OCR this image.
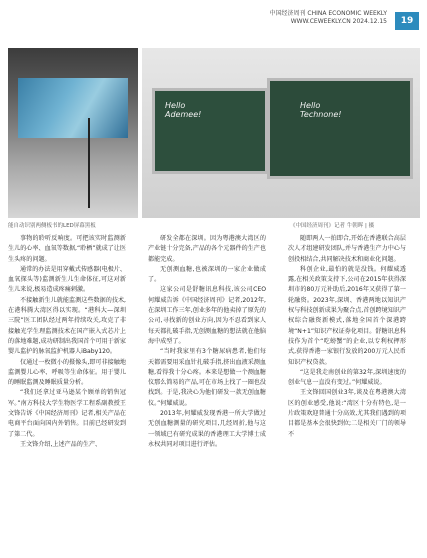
中国经济周刊 CHINA ECONOMIC WEEKLY
WWW.CEWEEKLY.CN 2024.12.15	19
Hello
Ademee!
Hello
Technone!
能自动识别两侧板书的LED屏幕黑板	《中国经济周刊》记者 牛朝晖 | 摄

事物的聆听反响度。可把该实时监测新生儿的心率、血氧等数据,“聆栖”就成了让医生头疼的问题。

通常的办法是用穿戴式传感器(电极片、血氧探头等)监测新生儿生命体征,可这对新生儿来说,极易造成疼痛刺激。

不接触新生儿就能监测这些数据的技术,在港科腾大湾区得以实现。“港科大—深圳三院”医工团队经过两年持续攻关,攻克了非接触光学生理监测技术在国产嵌入式芯片上的落地难题,成功研制出我国首个可用于新家婴儿监护的脉氧监护机器人iBaby120。

仅通过一枚微小的摄像头,即可非接触地监测婴儿心率、呼吸等生命体征。用于婴儿的睡眠监测及睡眠质量分析。

“我们还拿过亚马逊某个顾单的销售冠军。”南方科技大学生物医学工程系副教授王文锋告诉《中国经济周刊》记者,相关产品在电商平台面向国内外销售。目前已经研发到了第二代。

王文锋介绍,上述产品的生产、

研发全都在深圳。因为粤港澳大湾区的产业链十分完备,产品的各个元器件的生产也都能完成。

无创测血糖,也被深圳的一家企业做成了。

这家公司是舒糖讯息科技,该公司CEO何耀威告诉《中国经济周刊》记者,2012年,在深圳工作三年,创业多年的他卖掉了原先的公司,寻找新的创业方向,因为不忍看到家人每天都扎破手指,无创测血糖的想法就在他脑海中成型了。

“当时我家里有3个糖尿病患者,他们每天都需要用采血针扎破手指,挤出血液采测血糖,看得我十分心疼。本来是想做一个测血糖仪那么简易的产品,可在市场上找了一圈也没找到。于是,我决心为他们研发一款无创血糖仪。”何耀威说。

2013年,何耀威发现香港一所大学做过无创血糖测量的研究项目,几经周折,他与这一领域已有研究成果的香港理工大学博士成永权共同对项目进行评估。

随即两人一拍即合,开始在香港联合高层次人才组建研发团队,并与香港生产力中心与创投相结合,共同解决技术和商业化问题。

科创企业,最怕的就是没钱。何耀威透露,在相关政策支持下,公司在2015年获得深圳市的80万元补助后,2016年又获得了第一轮融资。2023年,深圳、香港两地以知识产权与科技创新成果为聚合点,首创跨境知识产权综合融资新模式,落地全国首个深港跨境“N+1”知识产权证券化项目。舒糖讯息科技作为首个“吃螃蟹”的企业,以专利权押形式,获得香港一家银行发放的200万元人民币知识产权贷款。

“这是我走南创业的第32年,深圳速度的创业气息一直没有变过。”何耀威说。

王文锋回国创业3年,谈及在粤港澳大湾区的创业感受,他说:“湾区十分有特色,是一片政策欢迎普通十分高效,尤其我们遇到的项目都是基本会很快到位;二是相关厂门的领导不
